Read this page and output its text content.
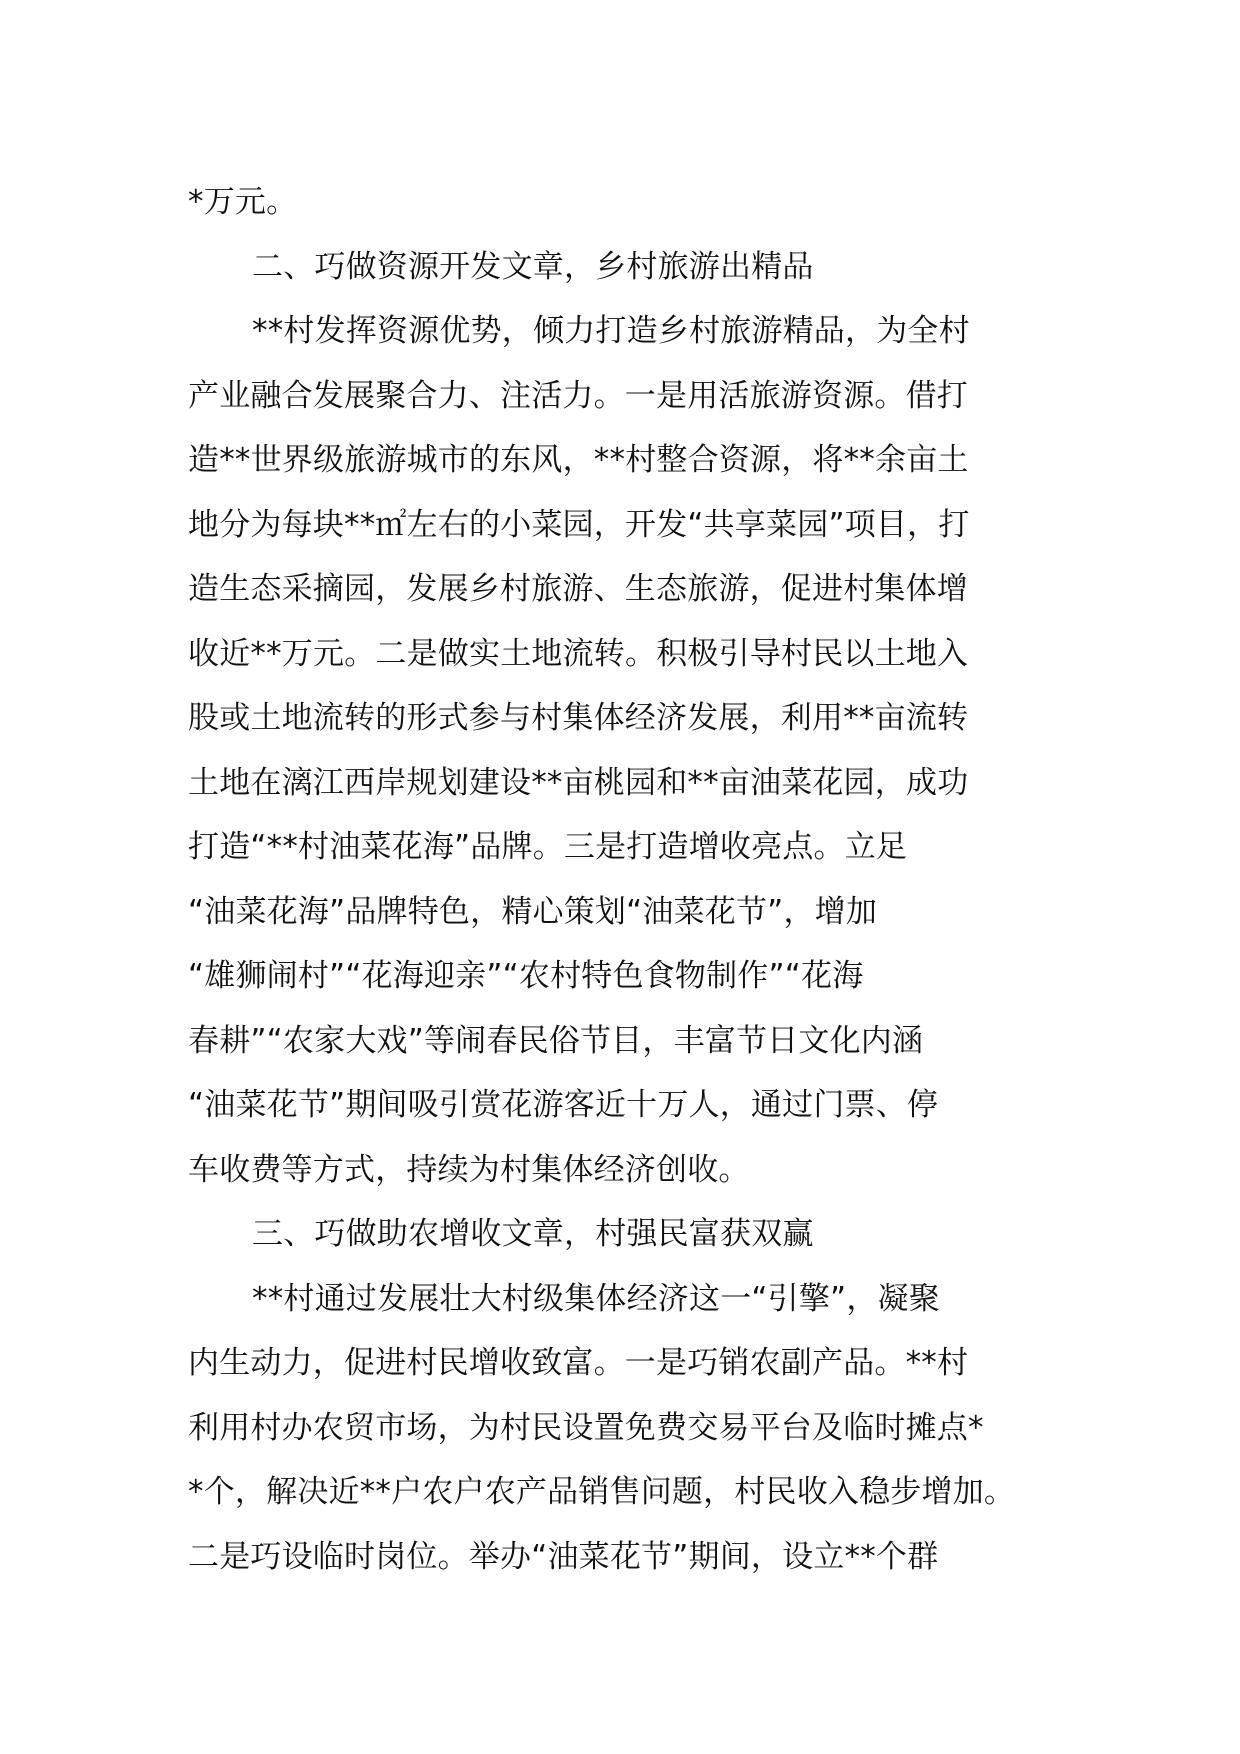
*万元。
二、巧做资源开发文章，乡村旅游出精品
**村发挥资源优势，倾力打造乡村旅游精品，为全村
产业融合发展聚合力、注活力。一是用活旅游资源。借打
造**世界级旅游城市的东风，**村整合资源，将**余亩土
地分为每块**㎡左右的小菜园，开发“共享菜园”项目，打
造生态采摘园，发展乡村旅游、生态旅游，促进村集体增
收近**万元。二是做实土地流转。积极引导村民以土地入
股或土地流转的形式参与村集体经济发展，利用**亩流转
土地在漓江西岸规划建设**亩桃园和**亩油菜花园，成功
打造“**村油菜花海”品牌。三是打造增收亮点。立足
“油菜花海”品牌特色，精心策划“油菜花节”，增加
“雄狮闹村”“花海迎亲”“农村特色食物制作”“花海
春耕”“农家大戏”等闹春民俗节目，丰富节日文化内涵
“油菜花节”期间吸引赏花游客近十万人，通过门票、停
车收费等方式，持续为村集体经济创收。
三、巧做助农增收文章，村强民富获双赢
**村通过发展壮大村级集体经济这一“引擎”，凝聚
内生动力，促进村民增收致富。一是巧销农副产品。**村
利用村办农贸市场，为村民设置免费交易平台及临时摊点*
*个，解决近**户农户农产品销售问题，村民收入稳步增加。
二是巧设临时岗位。举办“油菜花节”期间，设立**个群
